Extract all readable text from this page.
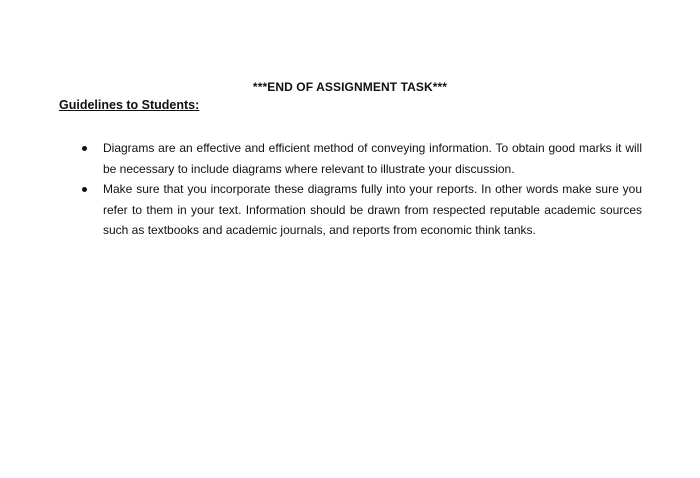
***END OF ASSIGNMENT TASK***
Guidelines to Students:
Diagrams are an effective and efficient method of conveying information. To obtain good marks it will be necessary to include diagrams where relevant to illustrate your discussion.
Make sure that you incorporate these diagrams fully into your reports. In other words make sure you refer to them in your text. Information should be drawn from respected reputable academic sources such as textbooks and academic journals, and reports from economic think tanks.
